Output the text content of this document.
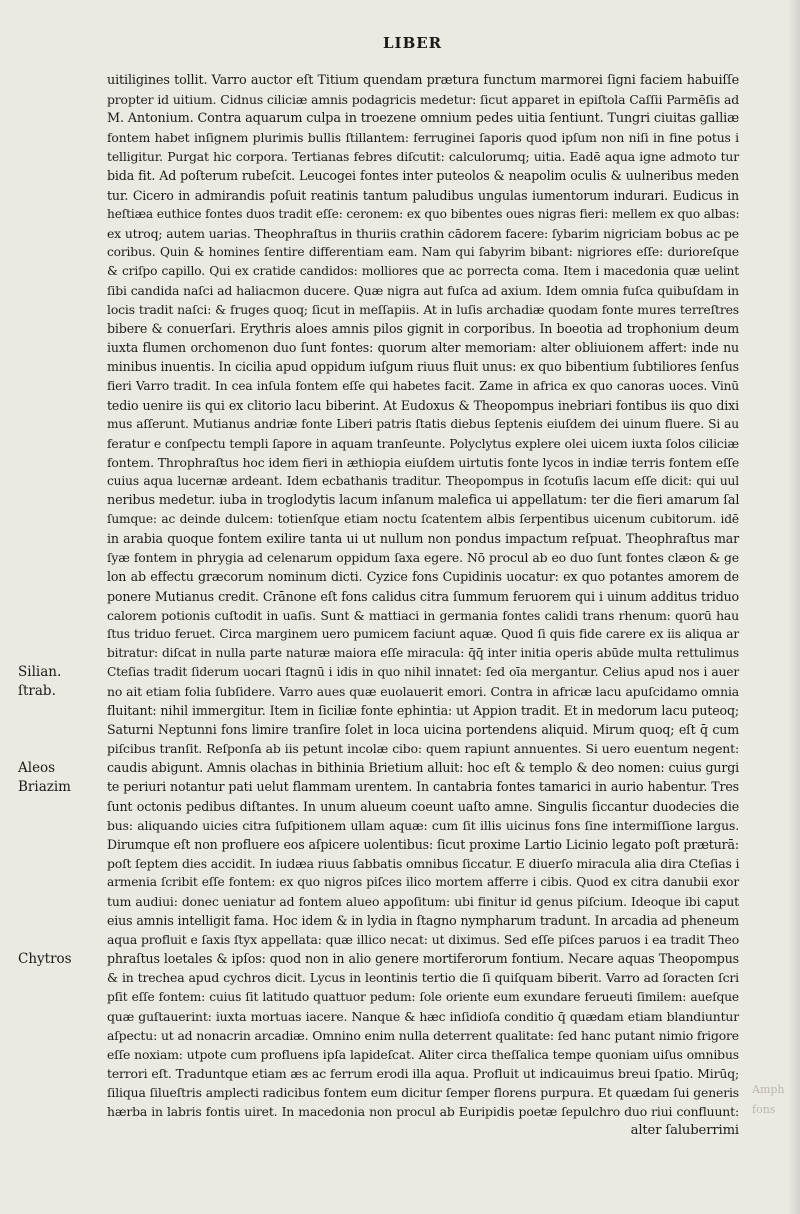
LIBER
Silian.
ſtrab.
Aleos
Briazim
Chytros
uitiligines tollit. Varro auctor eſt Titium quendam prætura functum marmorei ſigni faciem habuiſſe
propter id uitium. Cidnus ciliciæ amnis podagricis medetur: ſicut apparet in epiſtola Caſſii Parmēſis ad
M. Antonium. Contra aquarum culpa in troezene omnium pedes uitia ſentiunt. Tungri ciuitas galliæ
fontem habet inſignem plurimis bullis ſtillantem: ferruginei ſaporis quod ipſum non niſi in fine potus i
telligitur. Purgat hic corpora. Tertianas febres diſcutit: calculorumq; uitia. Eadē aqua igne admoto tur
bida fit. Ad poſterum rubeſcit. Leucogei fontes inter puteolos & neapolim oculis & uulneribus meden
tur. Cicero in admirandis poſuit reatinis tantum paludibus ungulas iumentorum indurari. Eudicus in
heſtiæa euthice fontes duos tradit eſſe: ceronem: ex quo bibentes oues nigras fieri: mellem ex quo albas:
ex utroq; autem uarias. Theophraſtus in thuriis crathin cādorem facere: ſybarim nigriciam bobus ac pe
coribus. Quin & homines ſentire differentiam eam. Nam qui ſabyrim bibant: nigriores eſſe: durioreſque
& criſpo capillo. Qui ex cratide candidos: molliores que ac porrecta coma. Item i macedonia quæ uelint
ſibi candida naſci ad haliacmon ducere. Quæ nigra aut fuſca ad axium. Idem omnia fuſca quibuſdam in
locis tradit naſci: & fruges quoq; ſicut in meſſapiis. At in luſis archadiæ quodam fonte mures terreſtres
bibere & conuerſari. Erythris aloes amnis pilos gignit in corporibus. In boeotia ad trophonium deum
iuxta flumen orchomenon duo ſunt fontes: quorum alter memoriam: alter obliuionem affert: inde nu
minibus inuentis. In cicilia apud oppidum iuſgum riuus fluit unus: ex quo bibentium ſubtiliores ſenſus
fieri Varro tradit. In cea inſula fontem eſſe qui habetes facit. Zame in africa ex quo canoras uoces. Vinū
tedio uenire iis qui ex clitorio lacu biberint. At Eudoxus & Theopompus inebriari fontibus iis quo dixi
mus aſſerunt. Mutianus andriæ fonte Liberi patris ſtatis diebus ſeptenis eiuſdem dei uinum fluere. Si au
feratur e conſpectu templi ſapore in aquam tranſeunte. Polyclytus explere olei uicem iuxta ſolos ciliciæ
fontem. Throphraſtus hoc idem fieri in æthiopia eiuſdem uirtutis fonte lycos in indiæ terris fontem eſſe
cuius aqua lucernæ ardeant. Idem ecbathanis traditur. Theopompus in ſcotuſis lacum eſſe dicit: qui uul
neribus medetur. iuba in troglodytis lacum inſanum malefica ui appellatum: ter die fieri amarum ſal
ſumque: ac deinde dulcem: totienſque etiam noctu ſcatentem albis ſerpentibus uicenum cubitorum. idē
in arabia quoque fontem exilire tanta ui ut nullum non pondus impactum reſpuat. Theophraſtus mar
ſyæ fontem in phrygia ad celenarum oppidum ſaxa egere. Nō procul ab eo duo ſunt fontes clæon & ge
lon ab effectu græcorum nominum dicti. Cyzice fons Cupidinis uocatur: ex quo potantes amorem de
ponere Mutianus credit. Crānone eſt fons calidus citra ſummum feruorem qui i uinum additus triduo
calorem potionis cuſtodit in uaſis. Sunt & mattiaci in germania fontes calidi trans rhenum: quorū hau
ſtus triduo feruet. Circa marginem uero pumicem faciunt aquæ. Quod ſi quis fide carere ex iis aliqua ar
bitratur: diſcat in nulla parte naturæ maiora eſſe miracula: q̄q̄ inter initia operis abūde multa rettulimus
Cteſias tradit ſiderum uocari ſtagnū i idis in quo nihil innatet: ſed oīa mergantur. Celius apud nos i auer
no ait etiam folia ſubſidere. Varro aues quæ euolauerit emori. Contra in africæ lacu apuſcidamo omnia
fluitant: nihil immergitur. Item in ſiciliæ fonte ephintia: ut Appion tradit. Et in medorum lacu puteoq;
Saturni Neptunni fons limire tranſire ſolet in loca uicina portendens aliquid. Mirum quoq; eſt q̄ cum
piſcibus tranſit. Reſponſa ab iis petunt incolæ cibo: quem rapiunt annuentes. Si uero euentum negent:
caudis abigunt. Amnis olachas in bithinia Brietium alluit: hoc eſt & templo & deo nomen: cuius gurgi
te periuri notantur pati uelut flammam urentem. In cantabria fontes tamarici in aurio habentur. Tres
ſunt octonis pedibus diſtantes. In unum alueum coeunt uaſto amne. Singulis ſiccantur duodecies die
bus: aliquando uicies citra ſuſpitionem ullam aquæ: cum ſit illis uicinus fons ſine intermiſſione largus.
Dirumque eſt non profluere eos aſpicere uolentibus: ſicut proxime Lartio Licinio legato poſt præturā:
poſt ſeptem dies accidit. In iudæa riuus ſabbatis omnibus ſiccatur. E diuerſo miracula alia dira Cteſias i
armenia ſcribit eſſe fontem: ex quo nigros piſces ilico mortem afferre i cibis. Quod ex citra danubii exor
tum audiui: donec ueniatur ad fontem alueo appoſitum: ubi finitur id genus piſcium. Ideoque ibi caput
eius amnis intelligit fama. Hoc idem & in lydia in ſtagno nympharum tradunt. In arcadia ad pheneum
aqua profluit e ſaxis ſtyx appellata: quæ illico necat: ut diximus. Sed eſſe piſces paruos i ea tradit Theo
phraſtus loetales & ipſos: quod non in alio genere mortiferorum fontium. Necare aquas Theopompus
& in trechea apud cychros dicit. Lycus in leontinis tertio die ſi quiſquam biberit. Varro ad ſoracten ſcri
pſit eſſe fontem: cuius ſit latitudo quattuor pedum: ſole oriente eum exundare ferueuti ſimilem: aueſque
quæ guſtauerint: iuxta mortuas iacere. Nanque & hæc inſidioſa conditio q̄ quædam etiam blandiuntur
aſpectu: ut ad nonacrin arcadiæ. Omnino enim nulla deterrent qualitate: ſed hanc putant nimio frigore
eſſe noxiam: utpote cum profluens ipſa lapideſcat. Aliter circa theſſalica tempe quoniam uiſus omnibus
terrori eſt. Traduntque etiam æs ac ferrum erodi illa aqua. Profluit ut indicauimus breui ſpatio. Mirūq;
ſiliqua ſilueſtris amplecti radicibus fontem eum dicitur ſemper florens purpura. Et quædam ſui generis
hærba in labris fontis uiret. In macedonia non procul ab Euripidis poetæ ſepulchro duo riui confluunt:
alter ſaluberrimi
Amph
fons
